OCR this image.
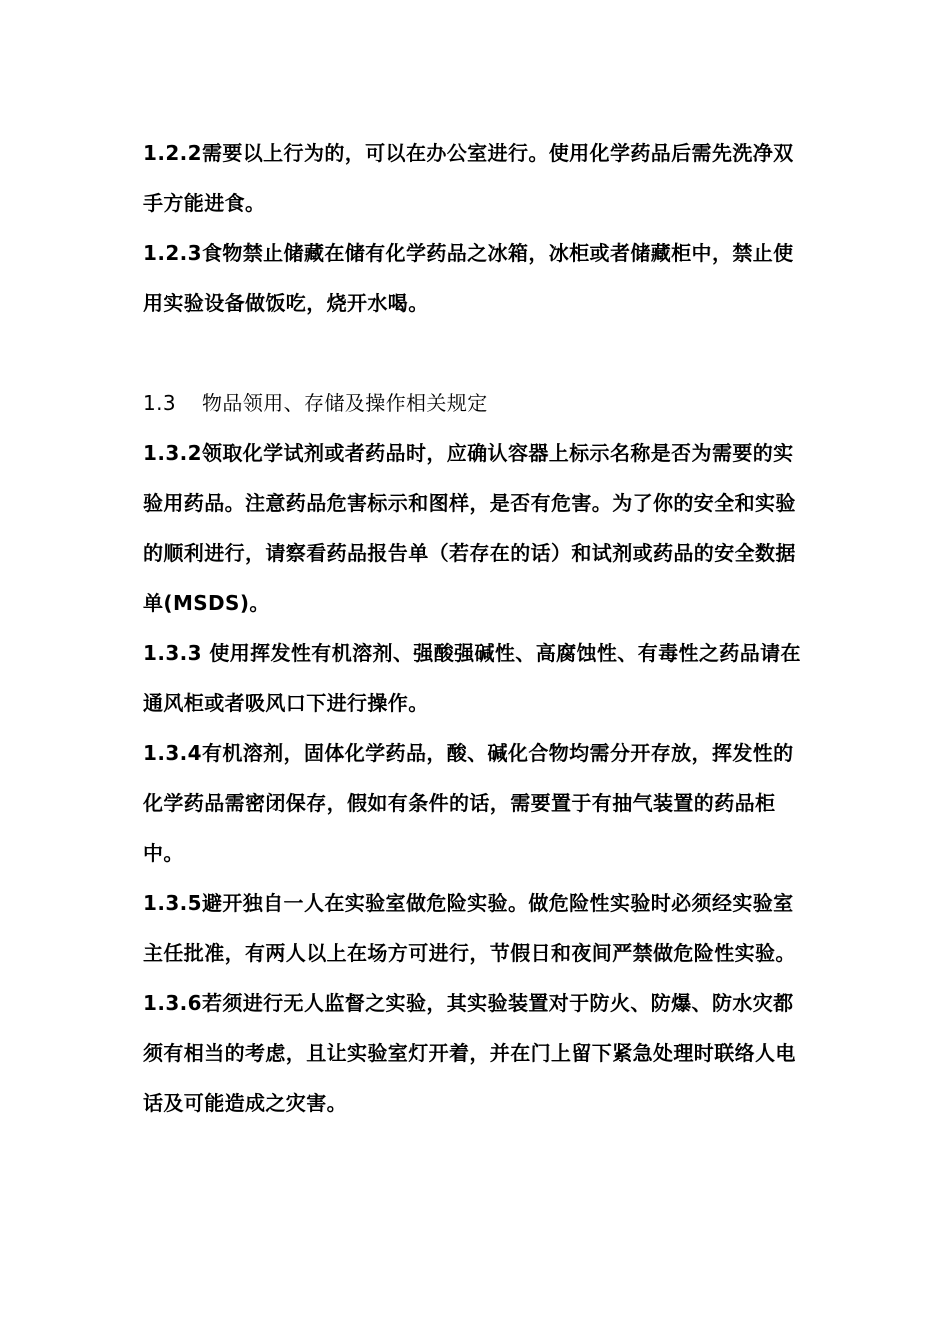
1.2.2需要以上行为的，可以在办公室进行。使用化学药品后需先洗净双手方能进食。

1.2.3食物禁止储藏在储有化学药品之冰箱，冰柜或者储藏柜中，禁止使用实验设备做饭吃，烧开水喝。

1.3 物品领用、存储及操作相关规定

1.3.2领取化学试剂或者药品时，应确认容器上标示名称是否为需要的实验用药品。注意药品危害标示和图样，是否有危害。为了你的安全和实验的顺利进行，请察看药品报告单（若存在的话）和试剂或药品的安全数据单(MSDS)。

1.3.3 使用挥发性有机溶剂、强酸强碱性、高腐蚀性、有毒性之药品请在通风柜或者吸风口下进行操作。

1.3.4有机溶剂，固体化学药品，酸、碱化合物均需分开存放，挥发性的化学药品需密闭保存，假如有条件的话，需要置于有抽气装置的药品柜中。

1.3.5避开独自一人在实验室做危险实验。做危险性实验时必须经实验室主任批准，有两人以上在场方可进行，节假日和夜间严禁做危险性实验。

1.3.6若须进行无人监督之实验，其实验装置对于防火、防爆、防水灾都须有相当的考虑，且让实验室灯开着，并在门上留下紧急处理时联络人电话及可能造成之灾害。
